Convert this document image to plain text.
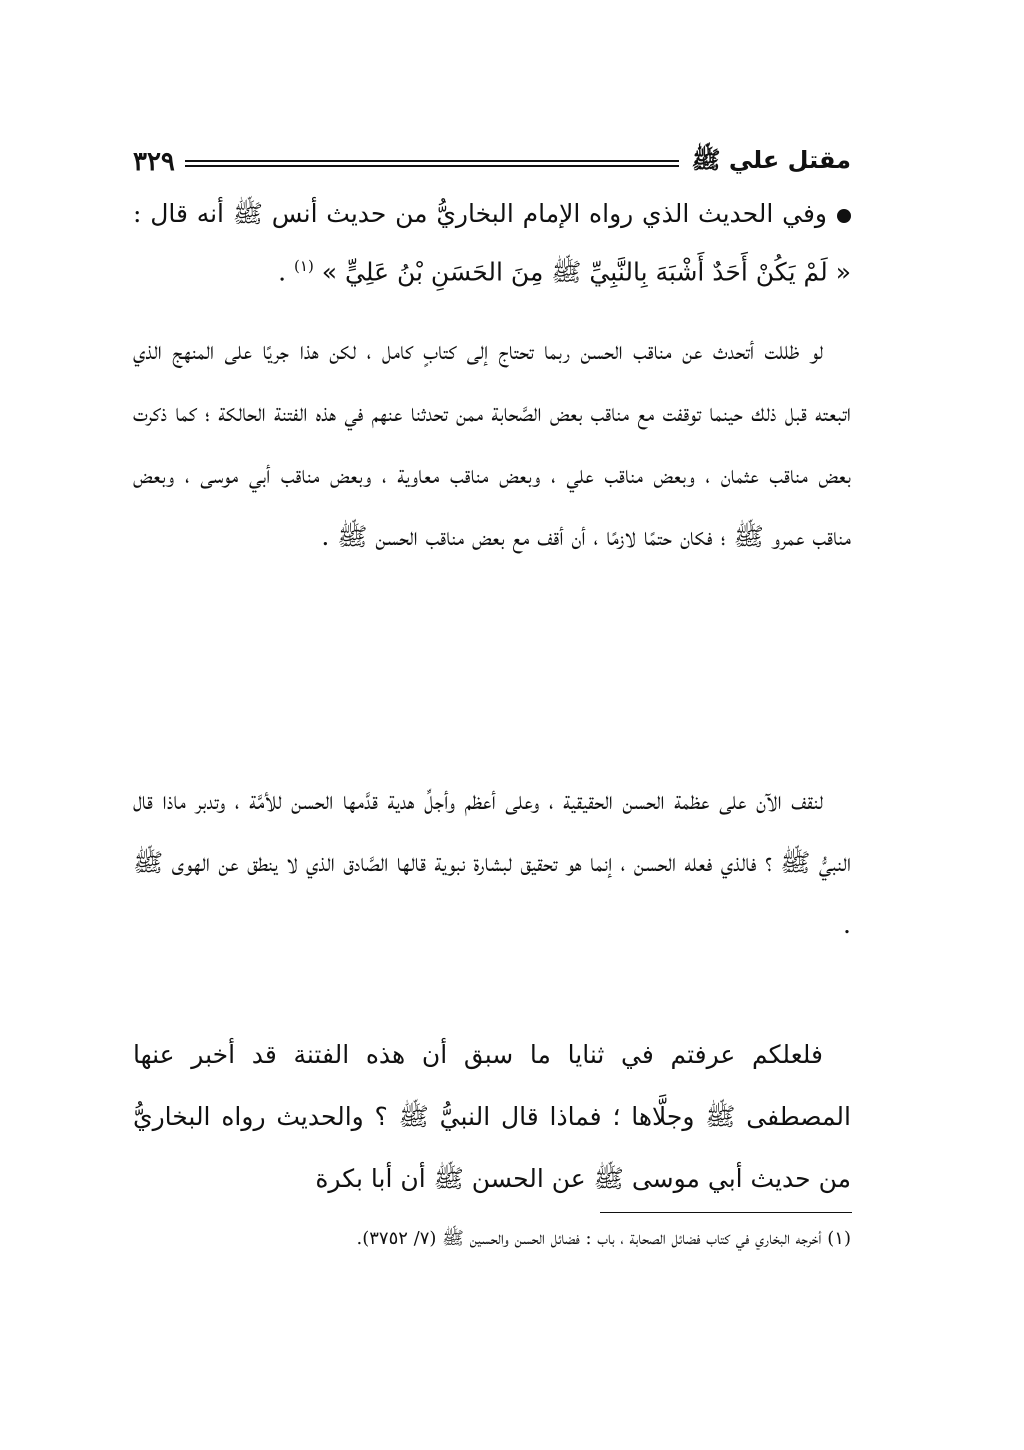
مقتل علي ﷺ
٣٢٩
وفي الحديث الذي رواه الإمام البخاريُّ من حديث أنس ﷺ أنه قال : « لَمْ يَكُنْ أَحَدٌ أَشْبَهَ بِالنَّبِيِّ ﷺ مِنَ الحَسَنِ بْنُ عَلِيٍّ » $^{(١)}$ .

لو ظللت أتحدث عن مناقب الحسن ربما تحتاج إلى كتابٍ كامل ، لكن هذا جريًا على المنهج الذي اتبعته قبل ذلك حينما توقفت مع مناقب بعض الصَّحابة ممن تحدثنا عنهم في هذه الفتنة الحالكة ؛ كما ذكرت بعض مناقب عثمان ، وبعض مناقب علي ، وبعض مناقب معاوية ، وبعض مناقب أبي موسى ، وبعض مناقب عمرو ﷺ ؛ فكان حتمًا لازمًا ، أن أقف مع بعض مناقب الحسن ﷺ .

لنقف الآن على عظمة الحسن الحقيقية ، وعلى أعظم وأجلِّ هدية قدَّمها الحسن للأمَّة ، وتدبر ماذا قال النبيُّ ﷺ ؟ فالذي فعله الحسن ، إنما هو تحقيق لبشارة نبوية قالها الصَّادق الذي لا ينطق عن الهوى ﷺ .

فلعلكم عرفتم في ثنايا ما سبق أن هذه الفتنة قد أخبر عنها المصطفى ﷺ وجلَّاها ؛ فماذا قال النبيُّ ﷺ ؟ والحديث رواه البخاريُّ من حديث أبي موسى ﷺ عن الحسن ﷺ أن أبا بكرة

(١) أخرجه البخاري في كتاب فضائل الصحابة ، باب : فضائل الحسن والحسين ﷺ (٧/ ٣٧٥٢).
